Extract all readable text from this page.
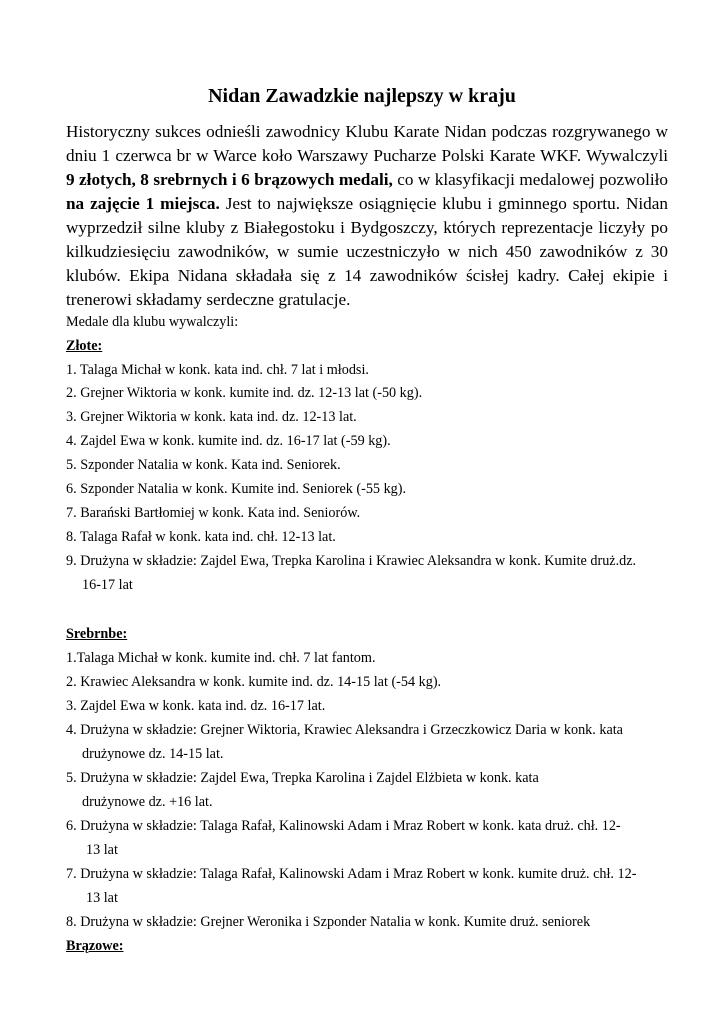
Nidan Zawadzkie najlepszy w kraju

Historyczny sukces odnieśli zawodnicy Klubu Karate Nidan podczas rozgrywanego w dniu 1 czerwca br w Warce koło Warszawy Pucharze Polski Karate WKF. Wywalczyli 9 złotych, 8 srebrnych i 6 brązowych medali, co w klasyfikacji medalowej pozwoliło na zajęcie 1 miejsca. Jest to największe osiągnięcie klubu i gminnego sportu. Nidan wyprzedził silne kluby z Białegostoku i Bydgoszczy, których reprezentacje liczyły po kilkudziesięciu zawodników, w sumie uczestniczyło w nich 450 zawodników z 30 klubów. Ekipa Nidana składała się z 14 zawodników ścisłej kadry. Całej ekipie i trenerowi składamy serdeczne gratulacje.

Medale dla klubu wywalczyli:
Złote:
1. Talaga Michał w konk. kata ind. chł. 7 lat i młodsi.
2. Grejner Wiktoria w konk. kumite ind. dz. 12-13 lat (-50 kg).
3. Grejner Wiktoria w konk. kata ind. dz. 12-13 lat.
4. Zajdel Ewa w konk. kumite ind. dz. 16-17 lat (-59 kg).
5. Szponder Natalia w konk. Kata ind. Seniorek.
6. Szponder Natalia w konk. Kumite ind. Seniorek (-55 kg).
7. Barański Bartłomiej w konk. Kata ind. Seniorów.
8. Talaga Rafał w konk. kata ind. chł. 12-13 lat.
9. Drużyna w składzie: Zajdel Ewa, Trepka Karolina i Krawiec Aleksandra w konk. Kumite druż.dz.
16-17 lat
Srebrnbe:
1.Talaga Michał w konk. kumite ind. chł. 7 lat fantom.
2. Krawiec Aleksandra w konk. kumite ind. dz. 14-15 lat (-54 kg).
3. Zajdel Ewa w konk. kata ind. dz. 16-17 lat.
4. Drużyna w składzie: Grejner Wiktoria, Krawiec Aleksandra i Grzeczkowicz Daria w konk. kata
drużynowe dz. 14-15 lat.
5. Drużyna w składzie: Zajdel Ewa, Trepka Karolina i Zajdel Elżbieta w konk. kata
drużynowe dz. +16 lat.
6. Drużyna w składzie: Talaga Rafał, Kalinowski Adam i Mraz Robert w konk. kata druż. chł. 12-
13 lat
7. Drużyna w składzie: Talaga Rafał, Kalinowski Adam i Mraz Robert w konk. kumite druż. chł. 12-
13 lat
8. Drużyna w składzie: Grejner Weronika i Szponder Natalia w konk. Kumite druż. seniorek
Brązowe:
